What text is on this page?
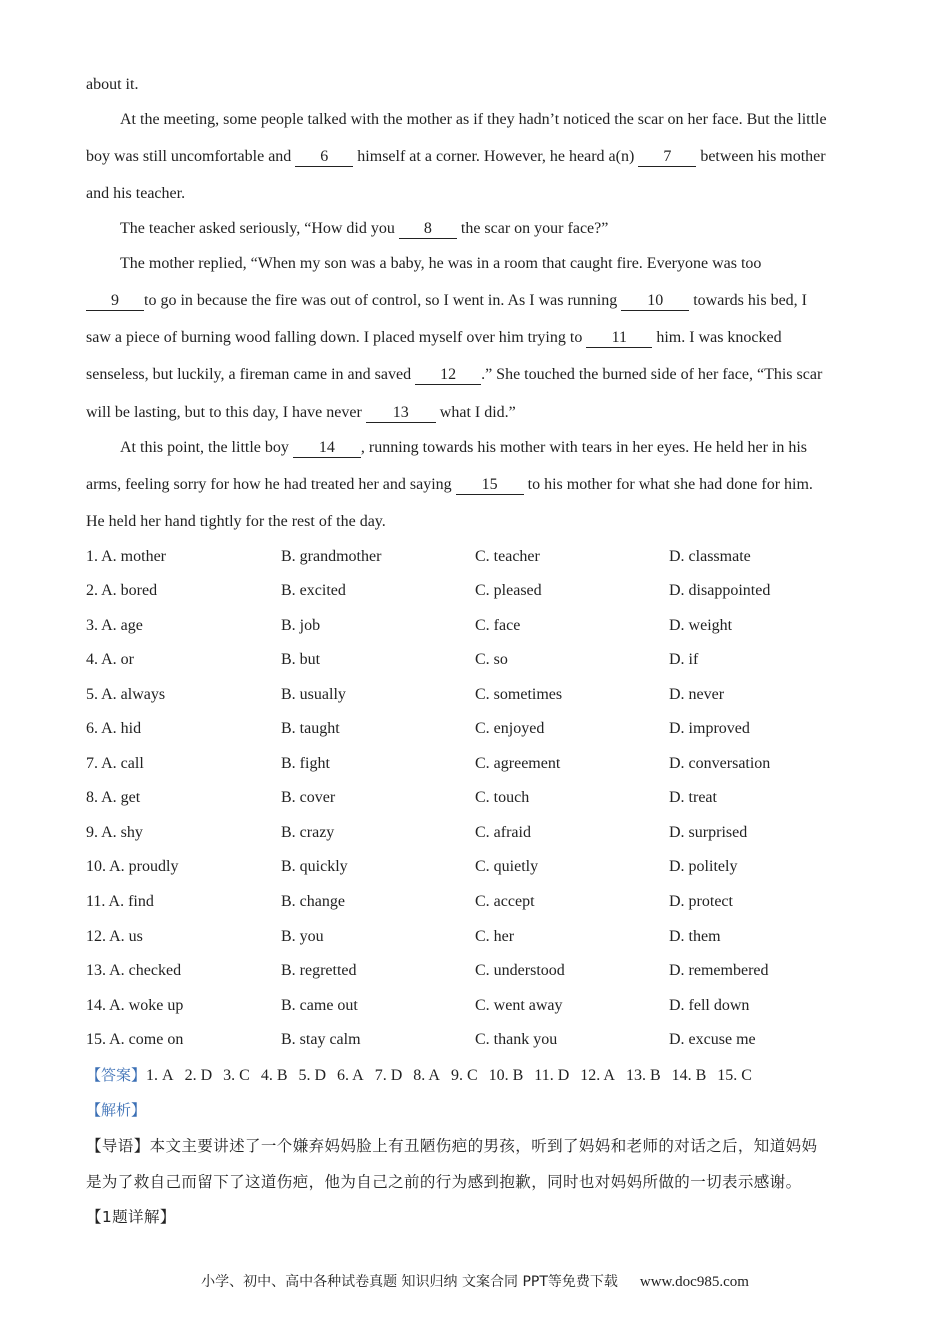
about it.
At the meeting, some people talked with the mother as if they hadn’t noticed the scar on her face. But the little
boy was still uncomfortable and 6 himself at a corner. However, he heard a(n) 7 between his mother
and his teacher.
The teacher asked seriously, “How did you 8 the scar on your face?”
The mother replied, “When my son was a baby, he was in a room that caught fire. Everyone was too
9 to go in because the fire was out of control, so I went in. As I was running 10 towards his bed, I
saw a piece of burning wood falling down. I placed myself over him trying to 11 him. I was knocked
senseless, but luckily, a fireman came in and saved 12 .” She touched the burned side of her face, “This scar
will be lasting, but to this day, I have never 13 what I did.”
At this point, the little boy 14 , running towards his mother with tears in her eyes. He held her in his
arms, feeling sorry for how he had treated her and saying 15 to his mother for what she had done for him.
He held her hand tightly for the rest of the day.
1. A. mother	B. grandmother	C. teacher	D. classmate
2. A. bored	B. excited	C. pleased	D. disappointed
3. A. age	B. job	C. face	D. weight
4. A. or	B. but	C. so	D. if
5. A. always	B. usually	C. sometimes	D. never
6. A. hid	B. taught	C. enjoyed	D. improved
7. A. call	B. fight	C. agreement	D. conversation
8. A. get	B. cover	C. touch	D. treat
9. A. shy	B. crazy	C. afraid	D. surprised
10. A. proudly	B. quickly	C. quietly	D. politely
11. A. find	B. change	C. accept	D. protect
12. A. us	B. you	C. her	D. them
13. A. checked	B. regretted	C. understood	D. remembered
14. A. woke up	B. came out	C. went away	D. fell down
15. A. come on	B. stay calm	C. thank you	D. excuse me
【答案】1. A 2. D 3. C 4. B 5. D 6. A 7. D 8. A 9. C 10. B 11. D 12. A 13. B 14. B 15. C
【解析】
【导语】本文主要讲述了一个嫌弃妈妈脸上有丑陋伤疤的男孩，听到了妈妈和老师的对话之后，知道妈妈
是为了救自己而留下了这道伤疤，他为自己之前的行为感到抱歉，同时也对妈妈所做的一切表示感谢。
【1题详解】
小学、初中、高中各种试卷真题 知识归纳 文案合同 PPT等免费下载 www.doc985.com
